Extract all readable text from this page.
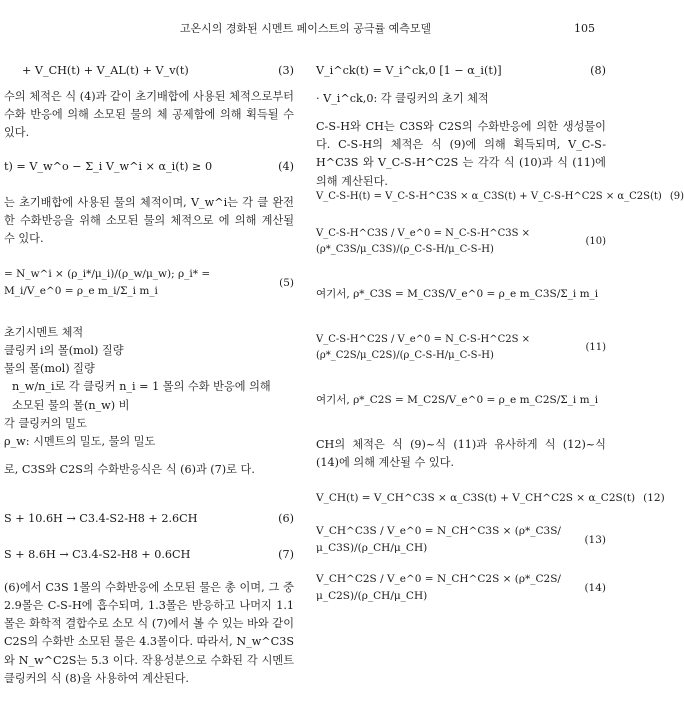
고온시의 경화된 시멘트 페이스트의 공극률 예측모델	105
+ V_CH(t) + V_AL(t) + V_v(t)	(3)

수의 체적은 식 (4)과 같이 초기배합에 사용된 체적으로부터 수화 반응에 의해 소모된 물의 체 공제함에 의해 획득될 수 있다.

t) = V_w^o − Σ_i V_w^i × α_i(t) ≥ 0	(4)

는 초기배합에 사용된 물의 체적이며, V_w^i는 각 클 완전한 수화반응을 위해 소모된 물의 체적으로 에 의해 계산될 수 있다.

= N_w^i × (ρ_i*/μ_i)/(ρ_w/μ_w); ρ_i* = M_i/V_e^0 = ρ_e m_i/Σ_i m_i
(5)
초기시멘트 체적
클링커 i의 몰(mol) 질량
물의 몰(mol) 질량
n_w/n_i로 각 클링커 n_i = 1 몰의 수화 반응에 의해
소모된 물의 몰(n_w) 비
각 클링커의 밀도
ρ_w: 시멘트의 밀도, 물의 밀도

로, C3S와 C2S의 수화반응식은 식 (6)과 (7)로 다.

S + 10.6H → C3.4-S2-H8 + 2.6CH	(6)
S + 8.6H → C3.4-S2-H8 + 0.6CH	(7)

(6)에서 C3S 1몰의 수화반응에 소모된 물은 총 이며, 그 중 2.9몰은 C-S-H에 흡수되며, 1.3몰은 반응하고 나머지 1.1몰은 화학적 결합수로 소모 식 (7)에서 볼 수 있는 바와 같이 C2S의 수화반 소모된 물은 4.3몰이다. 따라서, N_w^C3S와 N_w^C2S는 5.3 이다. 작용성분으로 수화된 각 시멘트 클링커의 식 (8)을 사용하여 계산된다.

V_i^ck(t) = V_i^ck,0 [1 − α_i(t)]	(8)
· V_i^ck,0: 각 클링커의 초기 체적

C-S-H와 CH는 C3S와 C2S의 수화반응에 의한 생성물이다. C-S-H의 체적은 식 (9)에 의해 획득되며, V_C-S-H^C3S 와 V_C-S-H^C2S 는 각각 식 (10)과 식 (11)에 의해 계산된다.

V_C-S-H(t) = V_C-S-H^C3S × α_C3S(t) + V_C-S-H^C2S × α_C2S(t) (9)
V_C-S-H^C3S / V_e^0 = N_C-S-H^C3S × (ρ*_C3S/μ_C3S)/(ρ_C-S-H/μ_C-S-H)
(10)
여기서, ρ*_C3S = M_C3S/V_e^0 = ρ_e m_C3S/Σ_i m_i
V_C-S-H^C2S / V_e^0 = N_C-S-H^C2S × (ρ*_C2S/μ_C2S)/(ρ_C-S-H/μ_C-S-H)
(11)
여기서, ρ*_C2S = M_C2S/V_e^0 = ρ_e m_C2S/Σ_i m_i

CH의 체적은 식 (9)~식 (11)과 유사하게 식 (12)~식 (14)에 의해 계산될 수 있다.

V_CH(t) = V_CH^C3S × α_C3S(t) + V_CH^C2S × α_C2S(t) (12)
V_CH^C3S / V_e^0 = N_CH^C3S × (ρ*_C3S/μ_C3S)/(ρ_CH/μ_CH)
(13)
V_CH^C2S / V_e^0 = N_CH^C2S × (ρ*_C2S/μ_C2S)/(ρ_CH/μ_CH)
(14)
